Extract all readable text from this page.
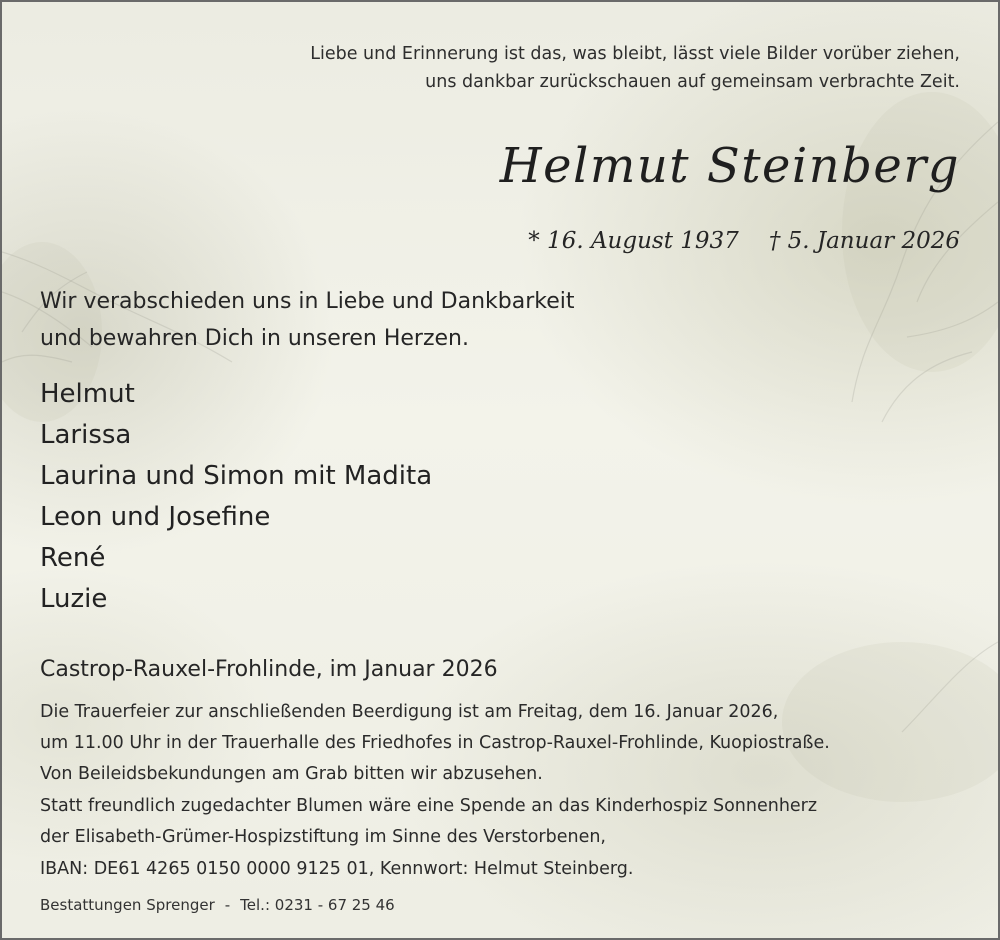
Liebe und Erinnerung ist das, was bleibt, lässt viele Bilder vorüber ziehen,
uns dankbar zurückschauen auf gemeinsam verbrachte Zeit.
Helmut Steinberg
* 16. August 1937 † 5. Januar 2026
Wir verabschieden uns in Liebe und Dankbarkeit
und bewahren Dich in unseren Herzen.
Helmut
Larissa
Laurina und Simon mit Madita
Leon und Josefine
René
Luzie
Castrop-Rauxel-Frohlinde, im Januar 2026
Die Trauerfeier zur anschließenden Beerdigung ist am Freitag, dem 16. Januar 2026,
um 11.00 Uhr in der Trauerhalle des Friedhofes in Castrop-Rauxel-Frohlinde, Kuopiostraße.
Von Beileidsbekundungen am Grab bitten wir abzusehen.
Statt freundlich zugedachter Blumen wäre eine Spende an das Kinderhospiz Sonnenherz
der Elisabeth-Grümer-Hospizstiftung im Sinne des Verstorbenen,
IBAN: DE61 4265 0150 0000 9125 01, Kennwort: Helmut Steinberg.
Bestattungen Sprenger - Tel.: 0231 - 67 25 46
